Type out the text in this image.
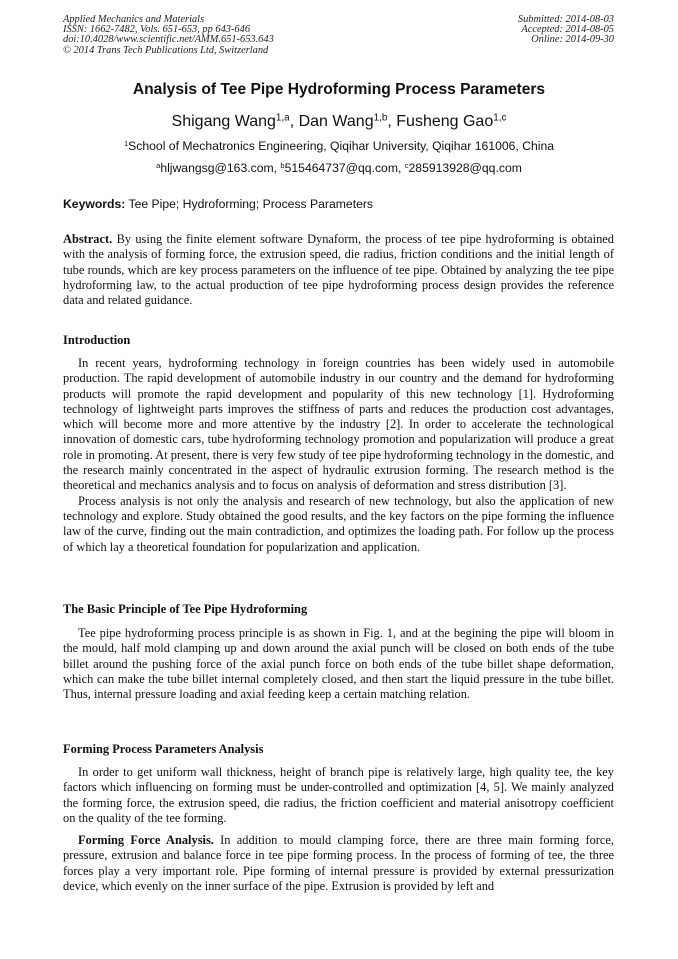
Applied Mechanics and Materials
ISSN: 1662-7482, Vols. 651-653, pp 643-646
doi:10.4028/www.scientific.net/AMM.651-653.643
© 2014 Trans Tech Publications Ltd, Switzerland
Submitted: 2014-08-03
Accepted: 2014-08-05
Online: 2014-09-30
Analysis of Tee Pipe Hydroforming Process Parameters
Shigang Wang$^{1,a}$, Dan Wang$^{1,b}$, Fusheng Gao$^{1,c}$
$^1$School of Mechatronics Engineering, Qiqihar University, Qiqihar 161006, China
$^a$hljwangsg@163.com, $^b$515464737@qq.com, $^c$285913928@qq.com
Keywords: Tee Pipe; Hydroforming; Process Parameters

Abstract. By using the finite element software Dynaform, the process of tee pipe hydroforming is obtained with the analysis of forming force, the extrusion speed, die radius, friction conditions and the initial length of tube rounds, which are key process parameters on the influence of tee pipe. Obtained by analyzing the tee pipe hydroforming law, to the actual production of tee pipe hydroforming process design provides the reference data and related guidance.

Introduction

In recent years, hydroforming technology in foreign countries has been widely used in automobile production. The rapid development of automobile industry in our country and the demand for hydroforming products will promote the rapid development and popularity of this new technology [1]. Hydroforming technology of lightweight parts improves the stiffness of parts and reduces the production cost advantages, which will become more and more attentive by the industry [2]. In order to accelerate the technological innovation of domestic cars, tube hydroforming technology promotion and popularization will produce a great role in promoting. At present, there is very few study of tee pipe hydroforming technology in the domestic, and the research mainly concentrated in the aspect of hydraulic extrusion forming. The research method is the theoretical and mechanics analysis and to focus on analysis of deformation and stress distribution [3].

Process analysis is not only the analysis and research of new technology, but also the application of new technology and explore. Study obtained the good results, and the key factors on the pipe forming the influence law of the curve, finding out the main contradiction, and optimizes the loading path. For follow up the process of which lay a theoretical foundation for popularization and application.

The Basic Principle of Tee Pipe Hydroforming

Tee pipe hydroforming process principle is as shown in Fig. 1, and at the begining the pipe will bloom in the mould, half mold clamping up and down around the axial punch will be closed on both ends of the tube billet around the pushing force of the axial punch force on both ends of the tube billet shape deformation, which can make the tube billet internal completely closed, and then start the liquid pressure in the tube billet. Thus, internal pressure loading and axial feeding keep a certain matching relation.

Forming Process Parameters Analysis

In order to get uniform wall thickness, height of branch pipe is relatively large, high quality tee, the key factors which influencing on forming must be under-controlled and optimization [4, 5]. We mainly analyzed the forming force, the extrusion speed, die radius, the friction coefficient and material anisotropy coefficient on the quality of the tee forming.

Forming Force Analysis. In addition to mould clamping force, there are three main forming force, pressure, extrusion and balance force in tee pipe forming process. In the process of forming of tee, the three forces play a very important role. Pipe forming of internal pressure is provided by external pressurization device, which evenly on the inner surface of the pipe. Extrusion is provided by left and
